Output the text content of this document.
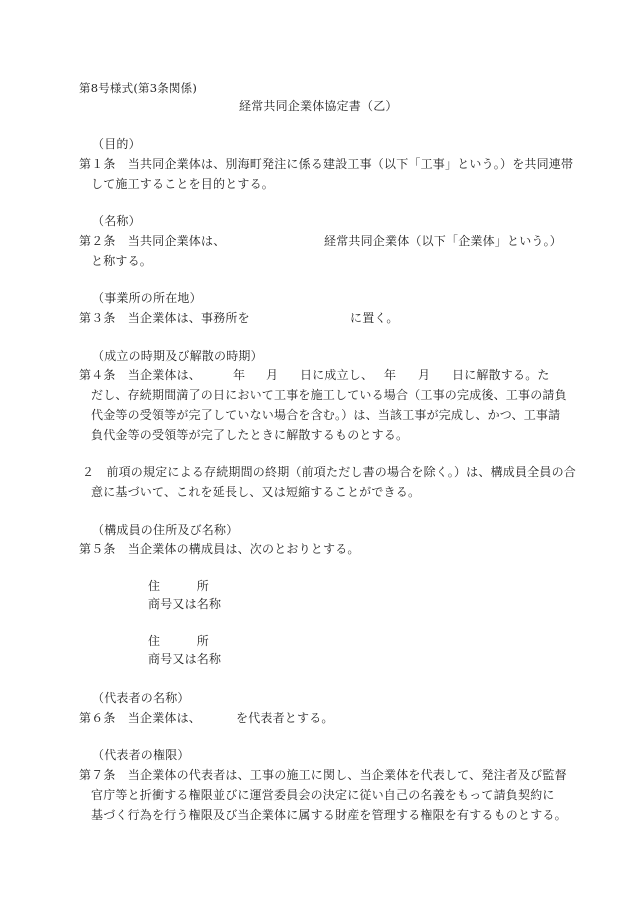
第8号様式(第3条関係)
経常共同企業体協定書（乙）
（目的）
第１条　当共同企業体は、別海町発注に係る建設工事（以下「工事」という。）を共同連帯
して施工することを目的とする。
（名称）
第２条　当共同企業体は、	経常共同企業体（以下「企業体」という。）
と称する。
（事業所の所在地）
第３条　当企業体は、事務所を	に置く。
（成立の時期及び解散の時期）
第４条　当企業体は、	年 月 日に成立し、 年 月 日に解散する。た
だし、存続期間満了の日において工事を施工している場合（工事の完成後、工事の請負
代金等の受領等が完了していない場合を含む。）は、当該工事が完成し、かつ、工事請
負代金等の受領等が完了したときに解散するものとする。
２　前項の規定による存続期間の終期（前項ただし書の場合を除く。）は、構成員全員の合
意に基づいて、これを延長し、又は短縮することができる。
（構成員の住所及び名称）
第５条　当企業体の構成員は、次のとおりとする。
住　　　所
商号又は名称
住　　　所
商号又は名称
（代表者の名称）
第６条　当企業体は、	を代表者とする。
（代表者の権限）
第７条　当企業体の代表者は、工事の施工に関し、当企業体を代表して、発注者及び監督
官庁等と折衝する権限並びに運営委員会の決定に従い自己の名義をもって請負契約に
基づく行為を行う権限及び当企業体に属する財産を管理する権限を有するものとする。
